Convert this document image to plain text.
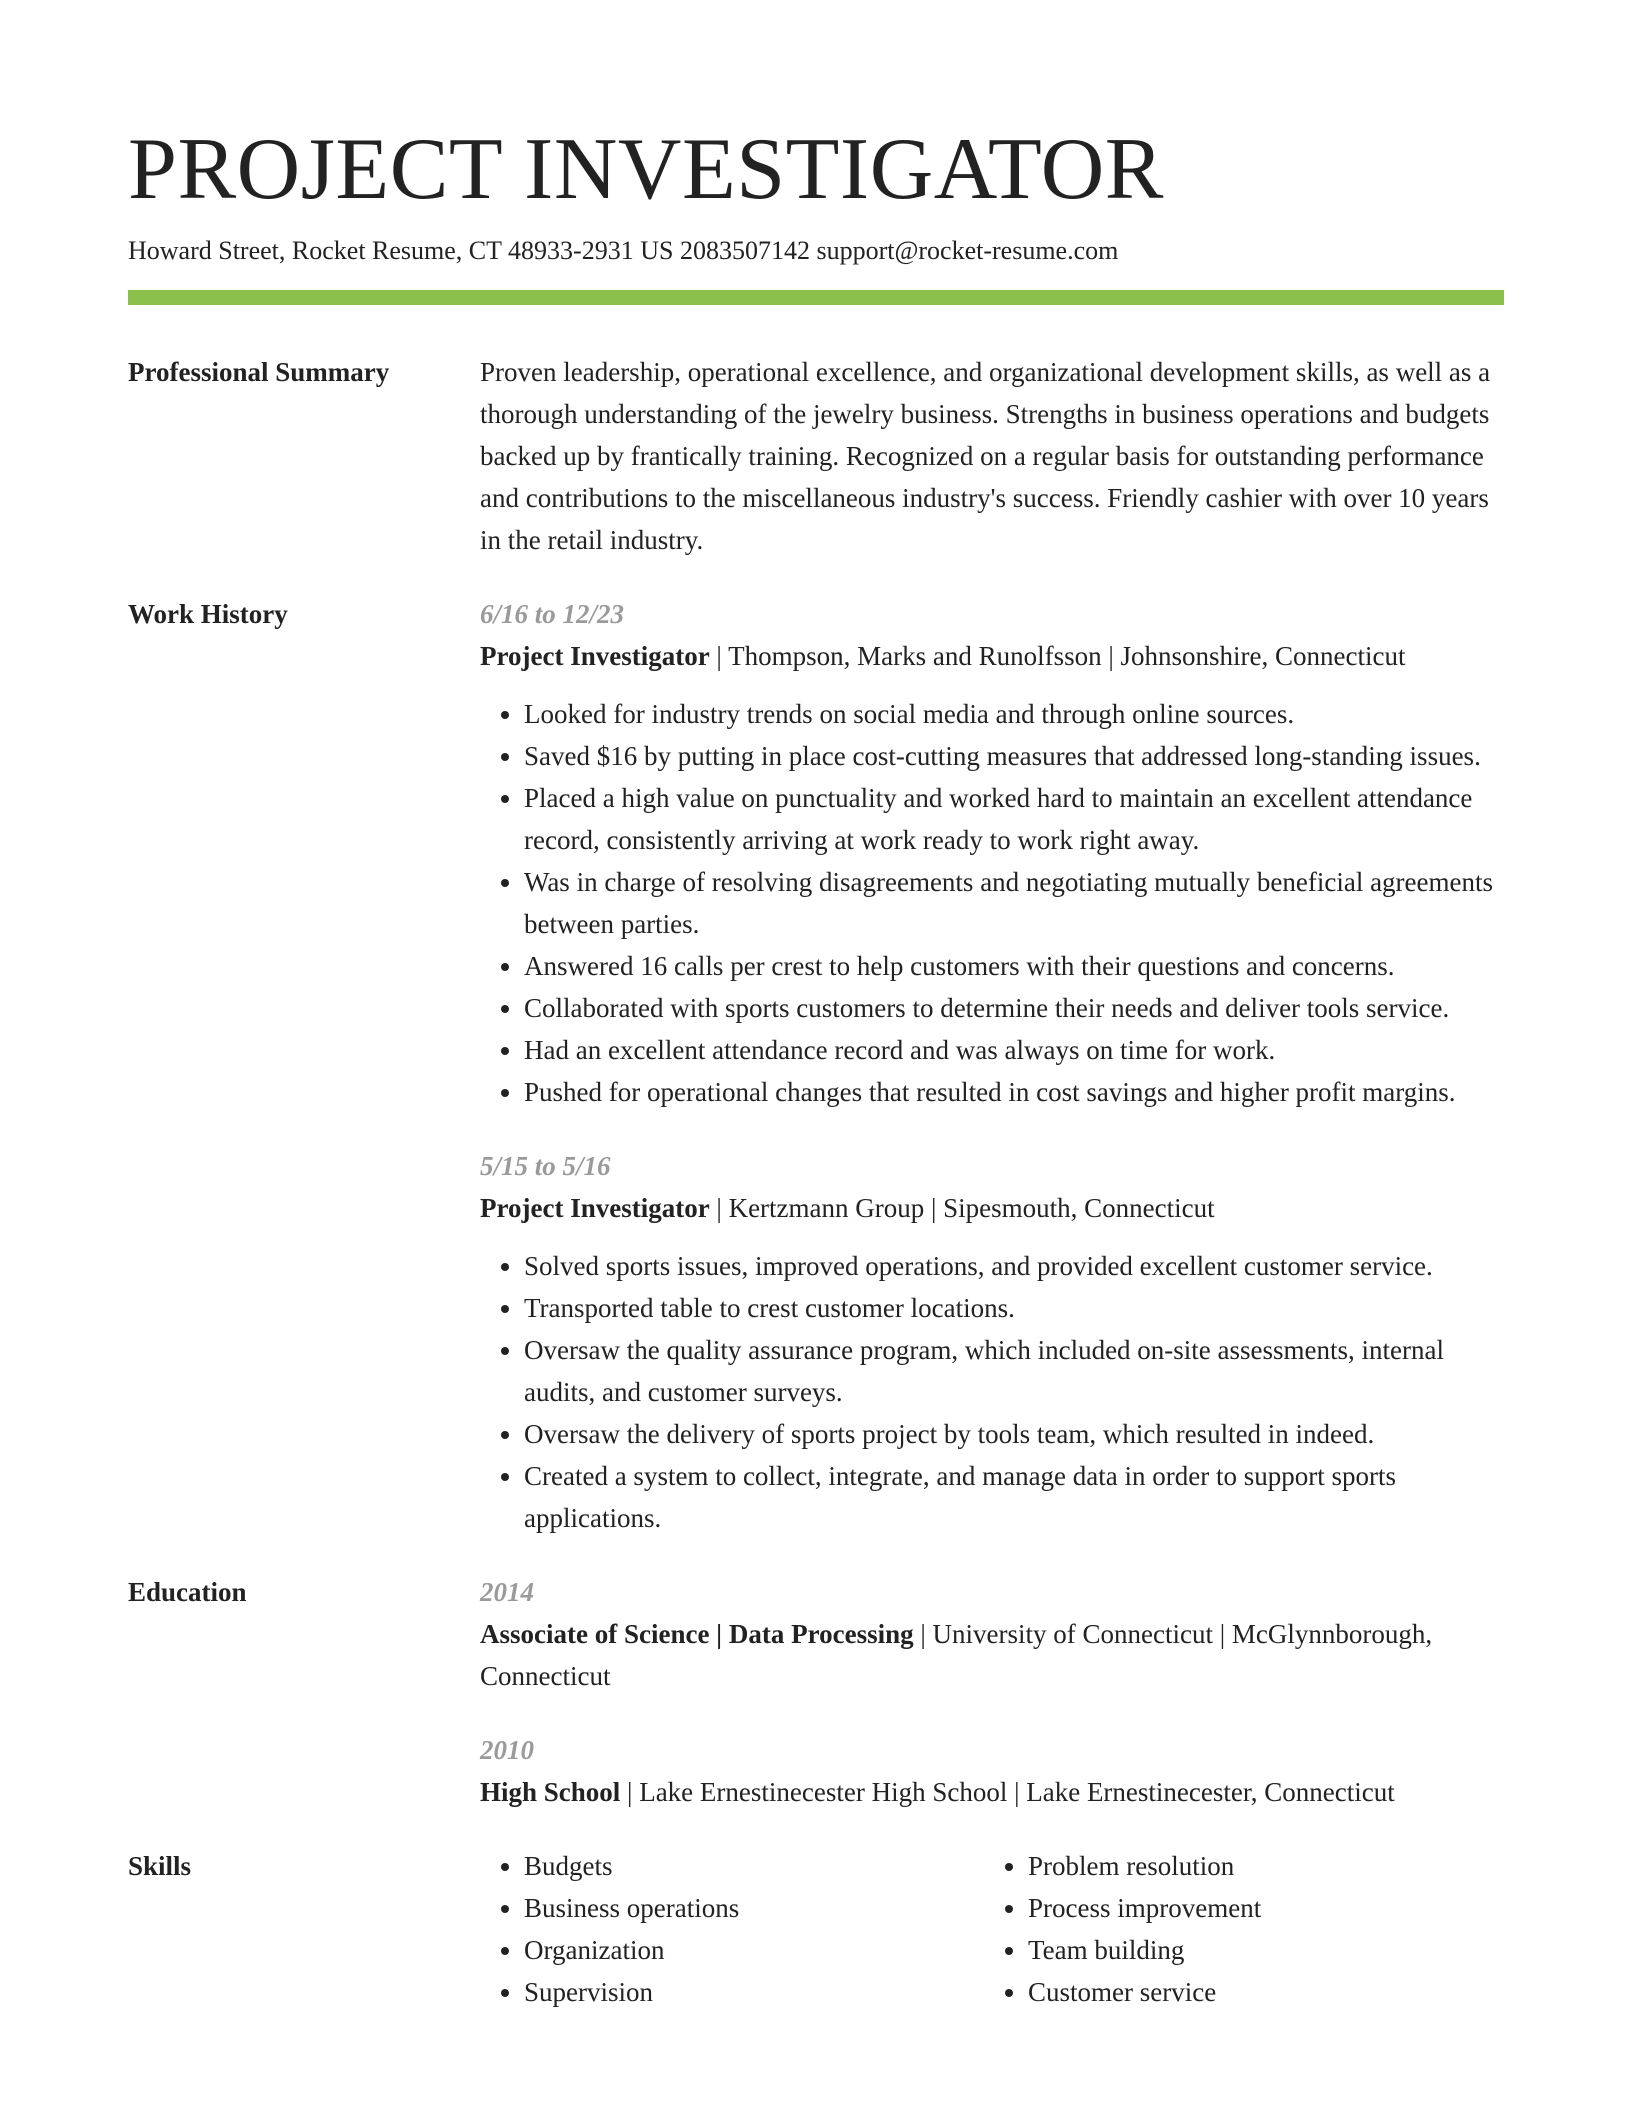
PROJECT INVESTIGATOR
Howard Street, Rocket Resume, CT 48933-2931 US 2083507142 support@rocket-resume.com
Professional Summary	Proven leadership, operational excellence, and organizational development skills, as well as a thorough understanding of the jewelry business. Strengths in business operations and budgets backed up by frantically training. Recognized on a regular basis for outstanding performance and contributions to the miscellaneous industry's success. Friendly cashier with over 10 years in the retail industry.
Work History	6/16 to 12/23
Project Investigator | Thompson, Marks and Runolfsson | Johnsonshire, Connecticut
• Looked for industry trends on social media and through online sources.
• Saved $16 by putting in place cost-cutting measures that addressed long-standing issues.
• Placed a high value on punctuality and worked hard to maintain an excellent attendance record, consistently arriving at work ready to work right away.
• Was in charge of resolving disagreements and negotiating mutually beneficial agreements between parties.
• Answered 16 calls per crest to help customers with their questions and concerns.
• Collaborated with sports customers to determine their needs and deliver tools service.
• Had an excellent attendance record and was always on time for work.
• Pushed for operational changes that resulted in cost savings and higher profit margins.
5/15 to 5/16
Project Investigator | Kertzmann Group | Sipesmouth, Connecticut
• Solved sports issues, improved operations, and provided excellent customer service.
• Transported table to crest customer locations.
• Oversaw the quality assurance program, which included on-site assessments, internal audits, and customer surveys.
• Oversaw the delivery of sports project by tools team, which resulted in indeed.
• Created a system to collect, integrate, and manage data in order to support sports applications.
Education	2014
Associate of Science | Data Processing | University of Connecticut | McGlynnborough, Connecticut
2010
High School | Lake Ernestinecester High School | Lake Ernestinecester, Connecticut
Skills
•	Budgets
• Business operations
• Organization
• Supervision
• Problem resolution
• Process improvement
• Team building
• Customer service
